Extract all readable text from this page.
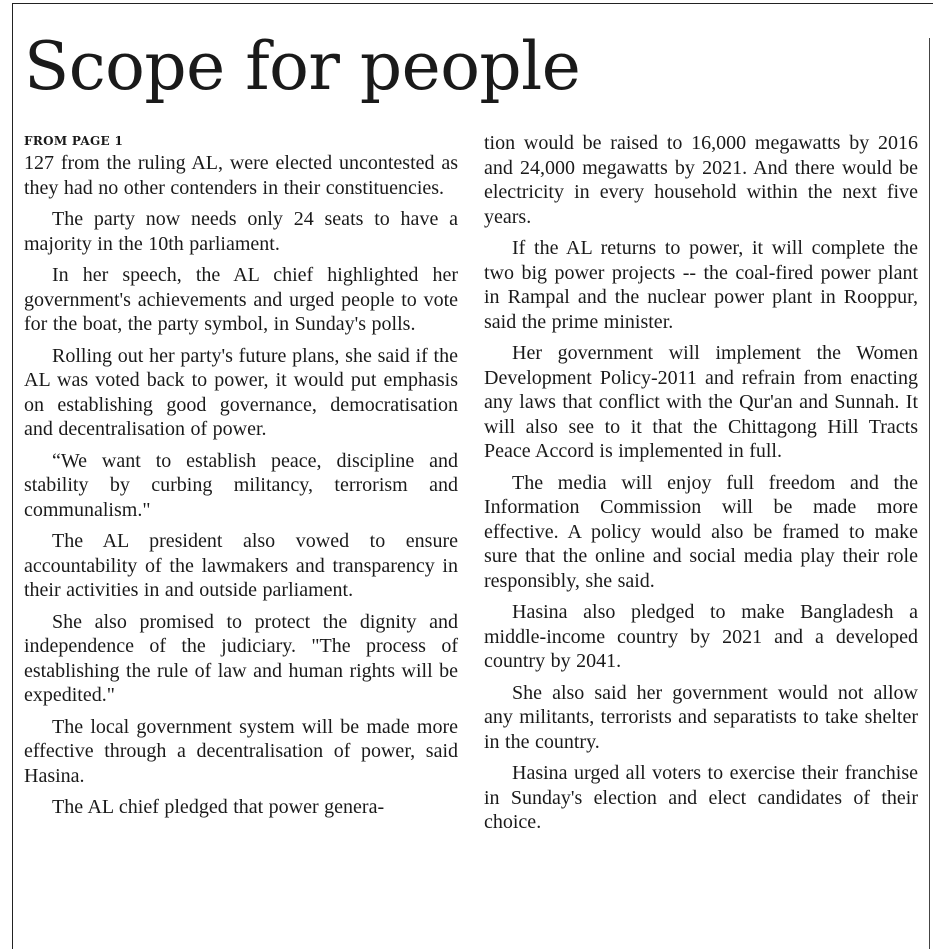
Scope for people
FROM PAGE 1

127 from the ruling AL, were elected uncontested as they had no other contenders in their constituencies.

The party now needs only 24 seats to have a majority in the 10th parliament.

In her speech, the AL chief highlighted her government's achievements and urged people to vote for the boat, the party symbol, in Sunday's polls.

Rolling out her party's future plans, she said if the AL was voted back to power, it would put emphasis on establishing good governance, democratisation and decentralisation of power.

“We want to establish peace, discipline and stability by curbing militancy, terrorism and communalism."

The AL president also vowed to ensure accountability of the lawmakers and transparency in their activities in and outside parliament.

She also promised to protect the dignity and independence of the judiciary. "The process of establishing the rule of law and human rights will be expedited."

The local government system will be made more effective through a decentralisation of power, said Hasina.

The AL chief pledged that power genera-

tion would be raised to 16,000 megawatts by 2016 and 24,000 megawatts by 2021. And there would be electricity in every household within the next five years.

If the AL returns to power, it will complete the two big power projects -- the coal-fired power plant in Rampal and the nuclear power plant in Rooppur, said the prime minister.

Her government will implement the Women Development Policy-2011 and refrain from enacting any laws that conflict with the Qur'an and Sunnah. It will also see to it that the Chittagong Hill Tracts Peace Accord is implemented in full.

The media will enjoy full freedom and the Information Commission will be made more effective. A policy would also be framed to make sure that the online and social media play their role responsibly, she said.

Hasina also pledged to make Bangladesh a middle-income country by 2021 and a developed country by 2041.

She also said her government would not allow any militants, terrorists and separatists to take shelter in the country.

Hasina urged all voters to exercise their franchise in Sunday's election and elect candidates of their choice.
